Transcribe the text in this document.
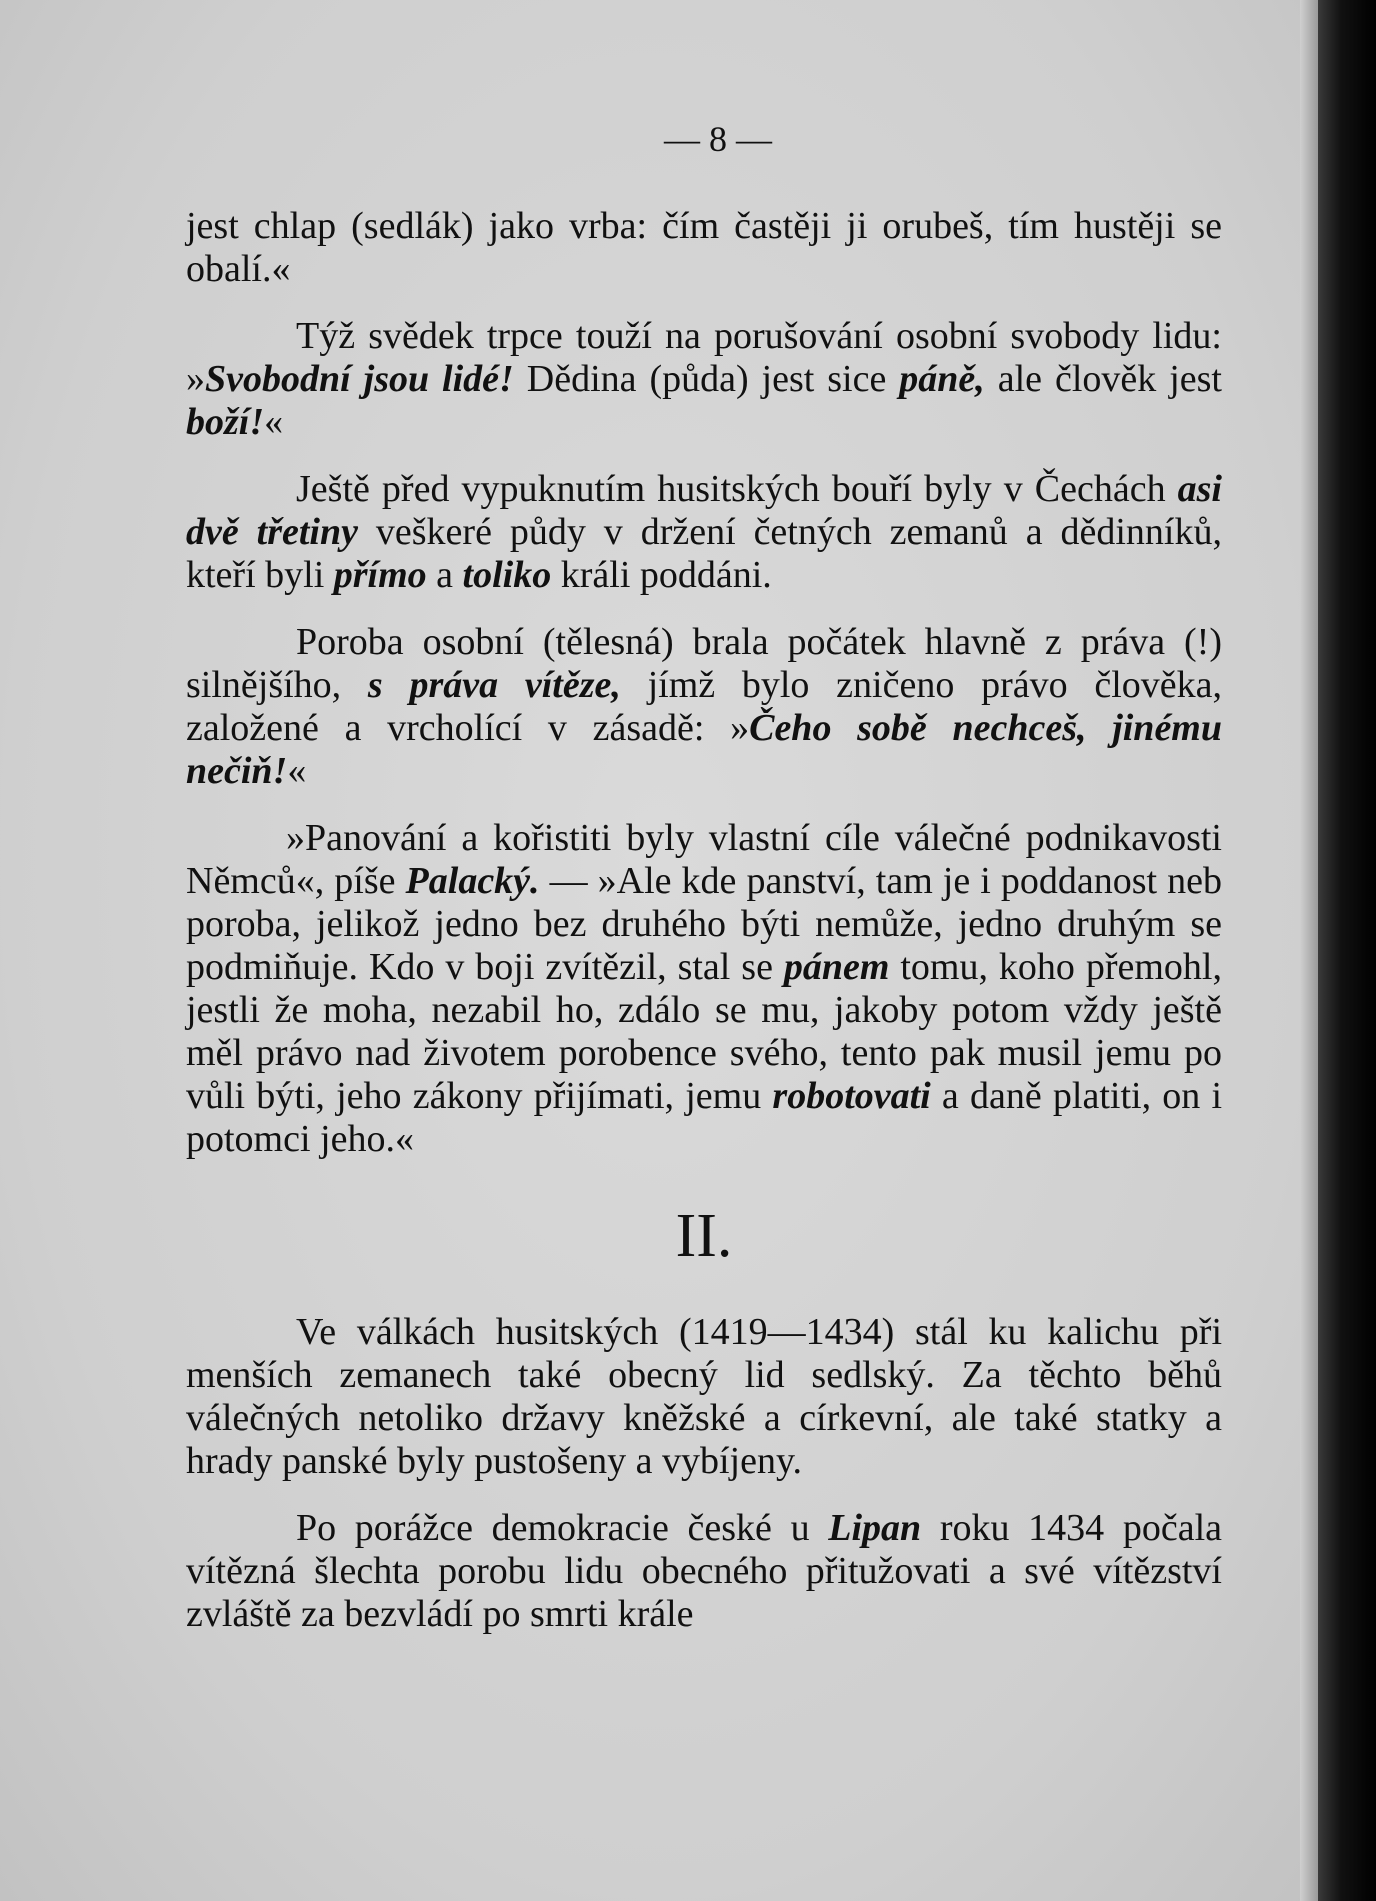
— 8 —

jest chlap (sedlák) jako vrba: čím častěji ji orubeš, tím hustěji se obalí.«

Týž svědek trpce touží na porušování osobní svobody lidu: »Svobodní jsou lidé! Dědina (půda) jest sice páně, ale člověk jest boží!«

Ještě před vypuknutím husitských bouří byly v Čechách asi dvě třetiny veškeré půdy v držení četných zemanů a dědinníků, kteří byli přímo a toliko králi poddáni.

Poroba osobní (tělesná) brala počátek hlavně z práva (!) silnějšího, s práva vítěze, jímž bylo zničeno právo člověka, založené a vrcholící v zásadě: »Čeho sobě nechceš, jinému nečiň!«

»Panování a kořistiti byly vlastní cíle válečné podnikavosti Němců«, píše Palacký. — »Ale kde panství, tam je i poddanost neb poroba, jelikož jedno bez druhého býti nemůže, jedno druhým se podmiňuje. Kdo v boji zvítězil, stal se pánem tomu, koho přemohl, jestli že moha, nezabil ho, zdálo se mu, jakoby potom vždy ještě měl právo nad životem porobence svého, tento pak musil jemu po vůli býti, jeho zákony přijímati, jemu robotovati a daně platiti, on i potomci jeho.«

II.

Ve válkách husitských (1419—1434) stál ku kalichu při menších zemanech také obecný lid sedlský. Za těchto běhů válečných netoliko državy kněžské a církevní, ale také statky a hrady panské byly pustošeny a vybíjeny.

Po porážce demokracie české u Lipan roku 1434 počala vítězná šlechta porobu lidu obecného přitužovati a své vítězství zvláště za bezvládí po smrti krále
